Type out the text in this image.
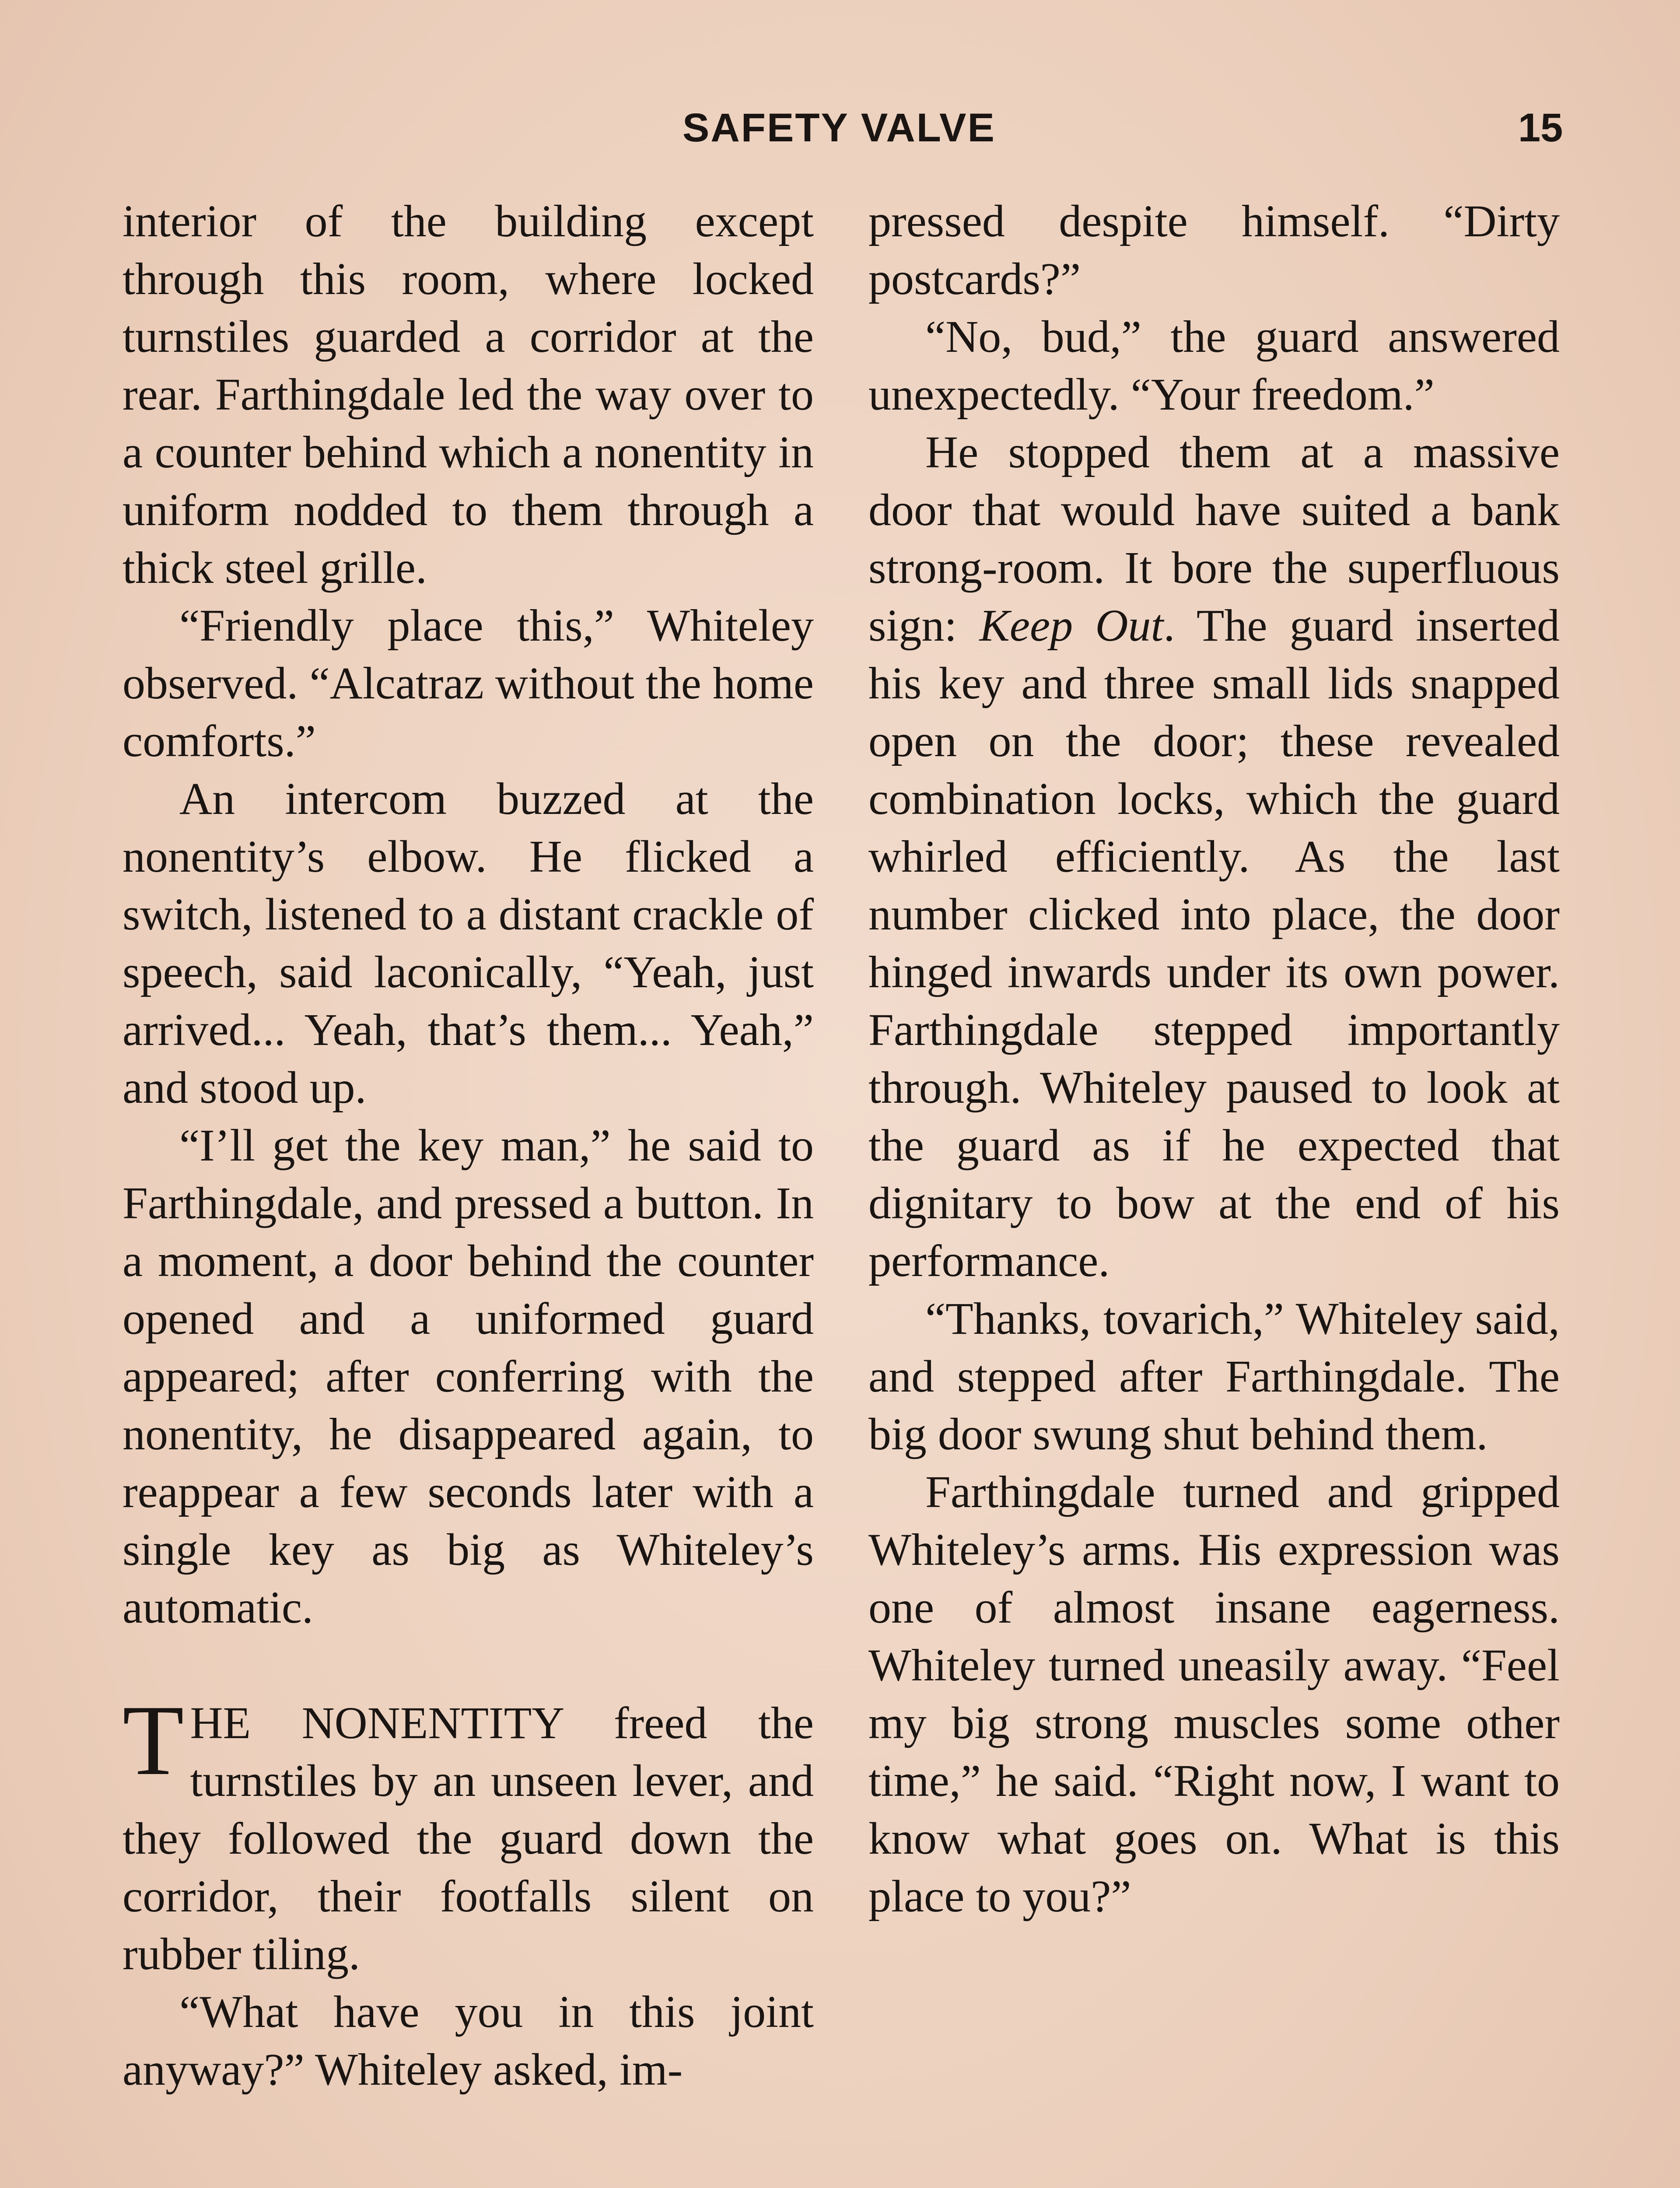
SAFETY VALVE	15

interior of the building except through this room, where locked turnstiles guarded a corridor at the rear. Farthingdale led the way over to a counter behind which a nonentity in uniform nodded to them through a thick steel grille.

“Friendly place this,” Whiteley observed. “Alcatraz without the home comforts.”

An intercom buzzed at the nonentity’s elbow. He flicked a switch, listened to a distant crackle of speech, said laconically, “Yeah, just arrived... Yeah, that’s them... Yeah,” and stood up.

“I’ll get the key man,” he said to Farthingdale, and pressed a button. In a moment, a door behind the counter opened and a uniformed guard appeared; after conferring with the nonentity, he disappeared again, to reappear a few seconds later with a single key as big as Whiteley’s automatic.

THE NONENTITY freed the turnstiles by an unseen lever, and they followed the guard down the corridor, their footfalls silent on rubber tiling.

“What have you in this joint anyway?” Whiteley asked, im-

pressed despite himself. “Dirty postcards?”

“No, bud,” the guard answered unexpectedly. “Your freedom.”

He stopped them at a massive door that would have suited a bank strong-room. It bore the superfluous sign: Keep Out. The guard inserted his key and three small lids snapped open on the door; these revealed combination locks, which the guard whirled efficiently. As the last number clicked into place, the door hinged inwards under its own power. Farthingdale stepped importantly through. Whiteley paused to look at the guard as if he expected that dignitary to bow at the end of his performance.

“Thanks, tovarich,” Whiteley said, and stepped after Farthingdale. The big door swung shut behind them.

Farthingdale turned and gripped Whiteley’s arms. His expression was one of almost insane eagerness. Whiteley turned uneasily away. “Feel my big strong muscles some other time,” he said. “Right now, I want to know what goes on. What is this place to you?”
